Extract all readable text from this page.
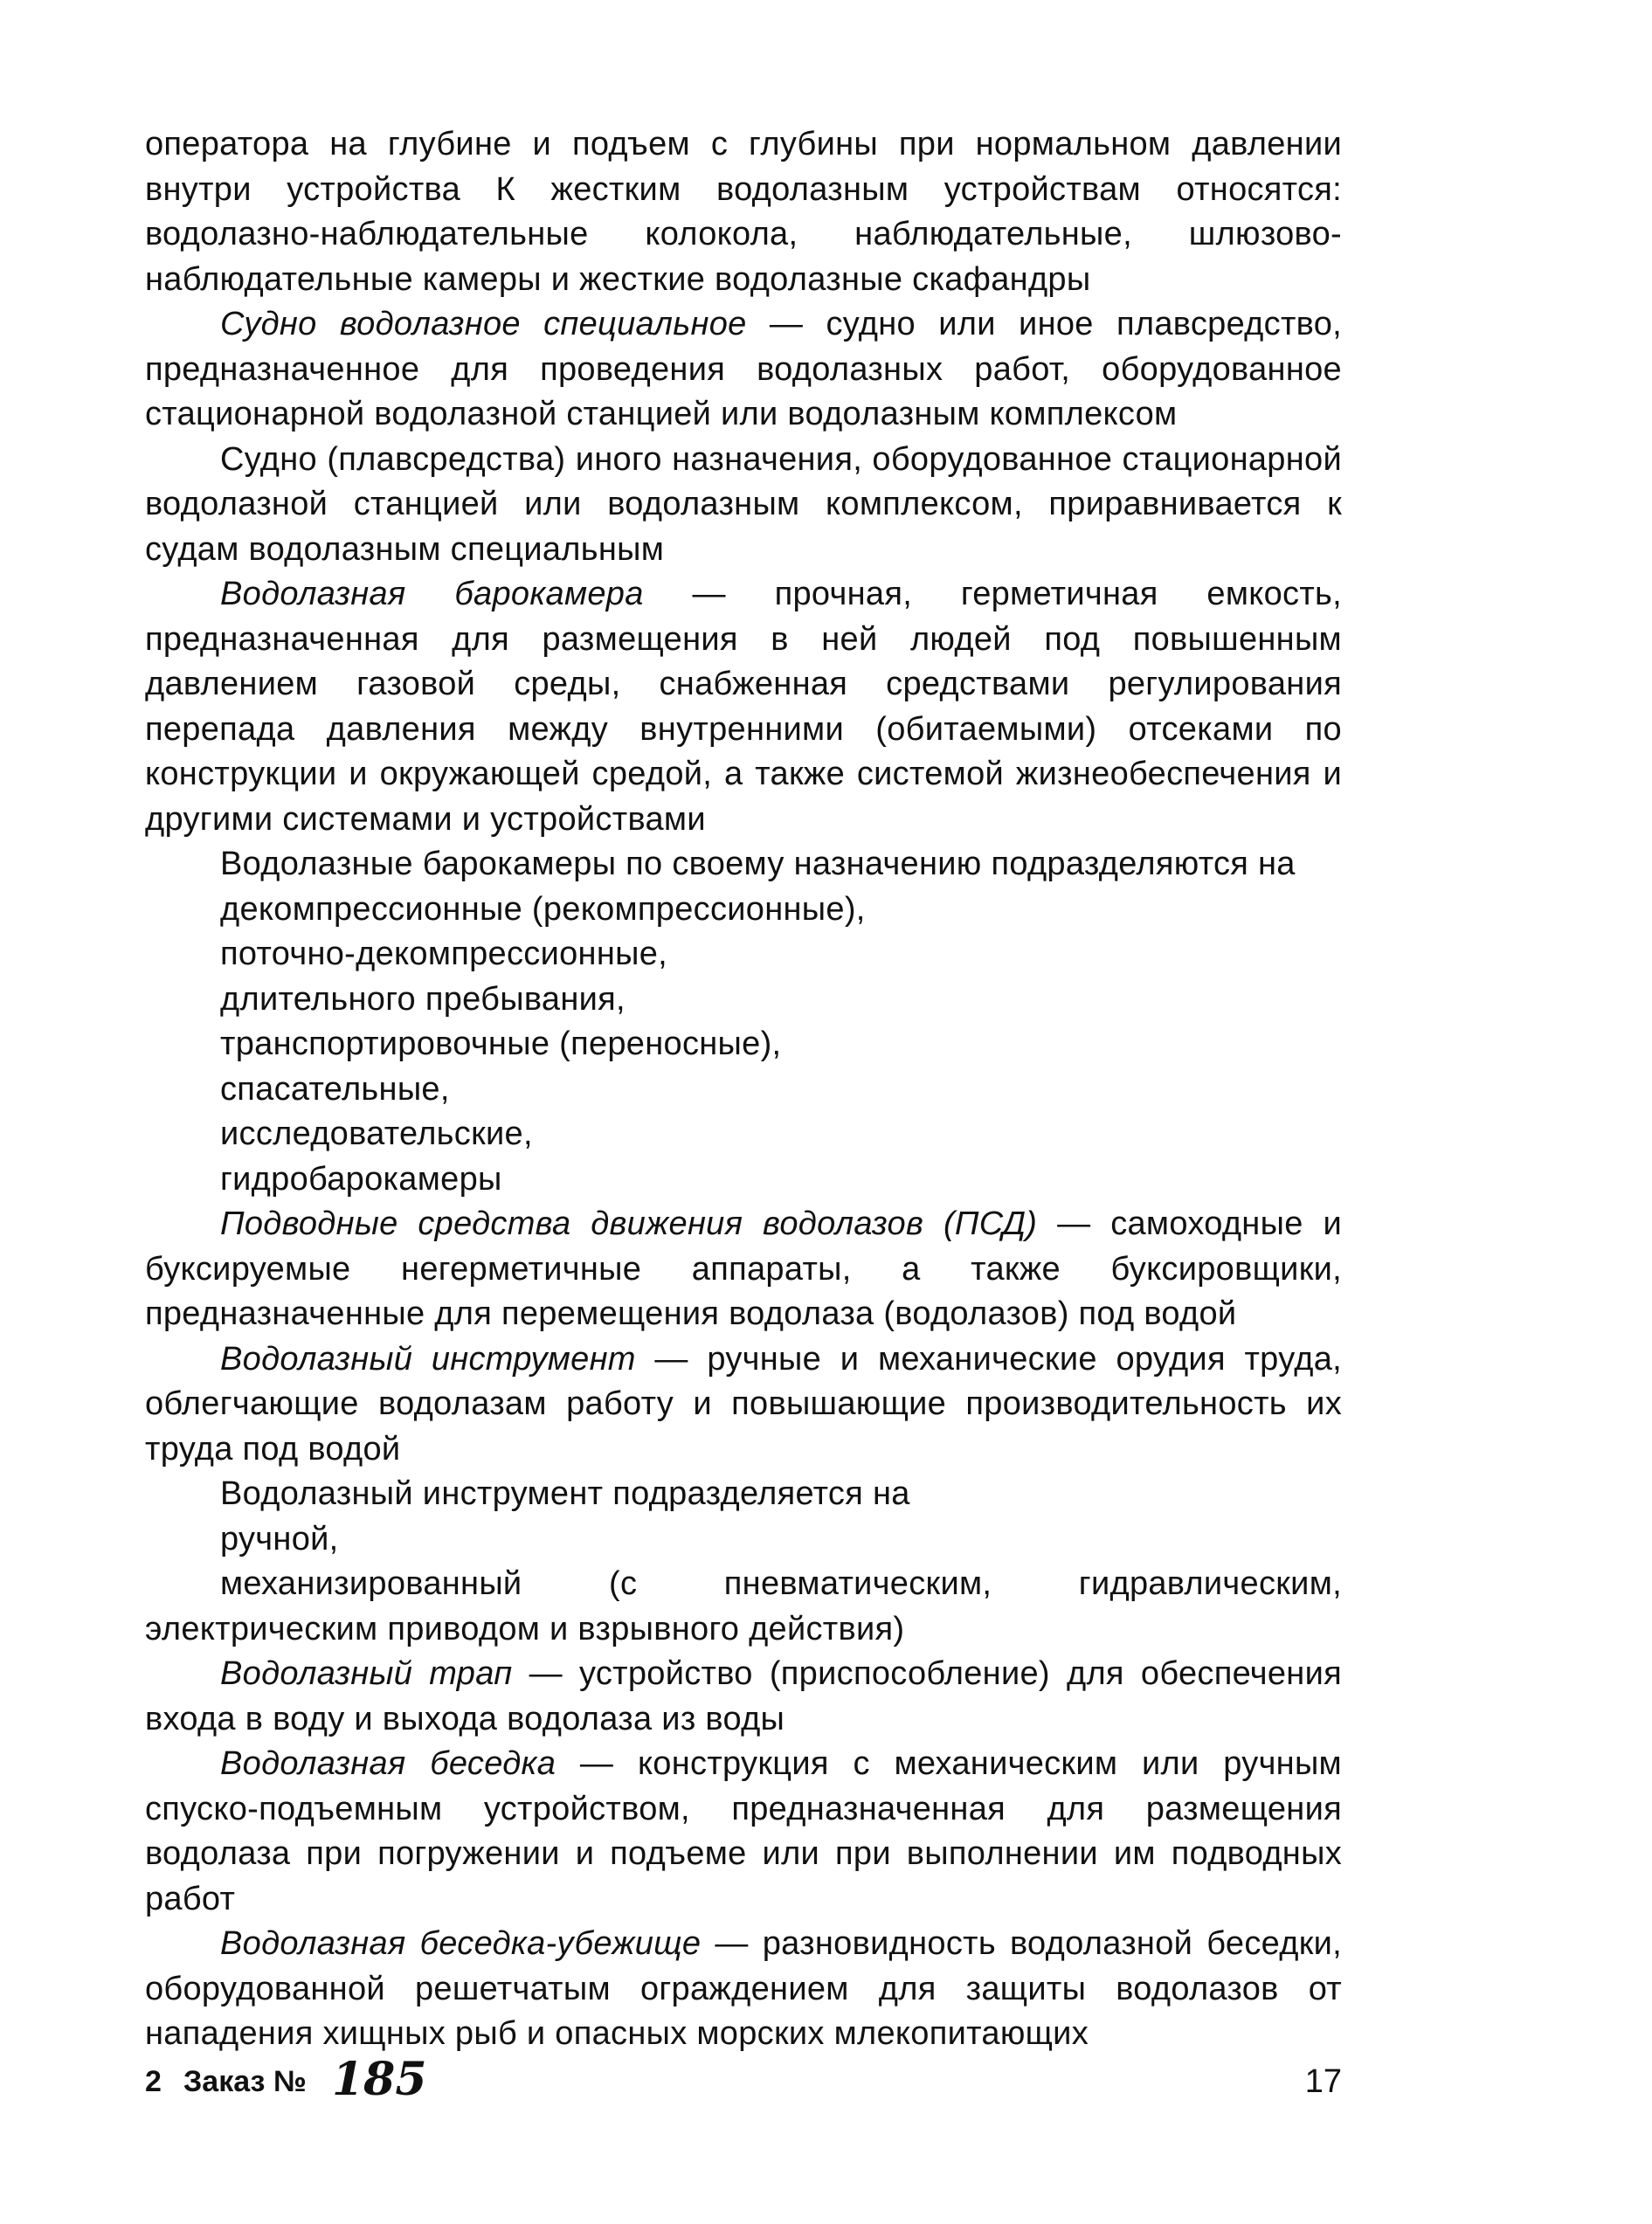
оператора на глубине и подъем с глубины при нормальном давлении внутри устройства К жестким водолазным устройствам относятся: водолазно-наблюдательные колокола, наблюдательные, шлюзово-наблюдательные камеры и жесткие водолазные скафандры

Судно водолазное специальное — судно или иное плавсредство, предназначенное для проведения водолазных работ, оборудованное стационарной водолазной станцией или водолазным комплексом

Судно (плавсредства) иного назначения, оборудованное стационарной водолазной станцией или водолазным комплексом, приравнивается к судам водолазным специальным

Водолазная барокамера — прочная, герметичная емкость, предназначенная для размещения в ней людей под повышенным давлением газовой среды, снабженная средствами регулирования перепада давления между внутренними (обитаемыми) отсеками по конструкции и окружающей средой, а также системой жизнеобеспечения и другими системами и устройствами

Водолазные барокамеры по своему назначению подразделяются на

декомпрессионные (рекомпрессионные),
поточно-декомпрессионные,
длительного пребывания,
транспортировочные (переносные),
спасательные,
исследовательские,
гидробарокамеры

Подводные средства движения водолазов (ПСД) — самоходные и буксируемые негерметичные аппараты, а также буксировщики, предназначенные для перемещения водолаза (водолазов) под водой

Водолазный инструмент — ручные и механические орудия труда, облегчающие водолазам работу и повышающие производительность их труда под водой

Водолазный инструмент подразделяется на

ручной,

механизированный (с пневматическим, гидравлическим, электрическим приводом и взрывного действия)

Водолазный трап — устройство (приспособление) для обеспечения входа в воду и выхода водолаза из воды

Водолазная беседка — конструкция с механическим или ручным спуско-подъемным устройством, предназначенная для размещения водолаза при погружении и подъеме или при выполнении им подводных работ

Водолазная беседка-убежище — разновидность водолазной беседки, оборудованной решетчатым ограждением для защиты водолазов от нападения хищных рыб и опасных морских млекопитающих

2 Заказ № 185	17
